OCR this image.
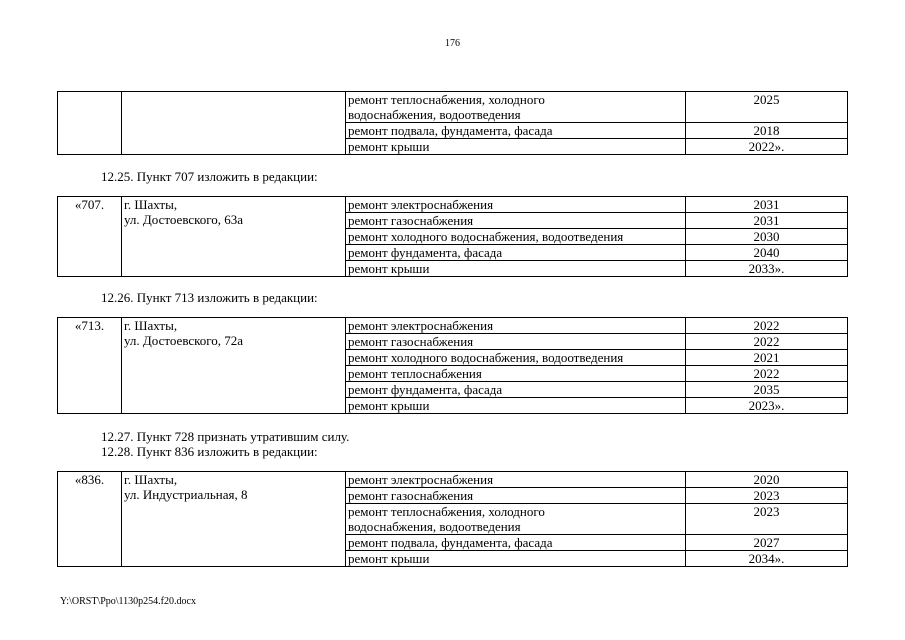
176

		ремонт теплоснабжения, холодного
водоснабжения, водоотведения	2025
		ремонт подвала, фундамента, фасада	2018
		ремонт крыши	2022».
12.25. Пункт 707 изложить в редакции:
«707.	г. Шахты,
ул. Достоевского, 63а	ремонт электроснабжения	2031
		ремонт газоснабжения	2031
		ремонт холодного водоснабжения, водоотведения	2030
		ремонт фундамента, фасада	2040
		ремонт крыши	2033».
12.26. Пункт 713 изложить в редакции:
«713.	г. Шахты,
ул. Достоевского, 72а	ремонт электроснабжения	2022
		ремонт газоснабжения	2022
		ремонт холодного водоснабжения, водоотведения	2021
		ремонт теплоснабжения	2022
		ремонт фундамента, фасада	2035
		ремонт крыши	2023».
12.27. Пункт 728 признать утратившим силу.
12.28. Пункт 836 изложить в редакции:
«836.	г. Шахты,
ул. Индустриальная, 8	ремонт электроснабжения	2020
		ремонт газоснабжения	2023

		ремонт теплоснабжения, холодного
водоснабжения, водоотведения	2023
		ремонт подвала, фундамента, фасада	2027
		ремонт крыши	2034».
Y:\ORST\Ppo\1130p254.f20.docx
